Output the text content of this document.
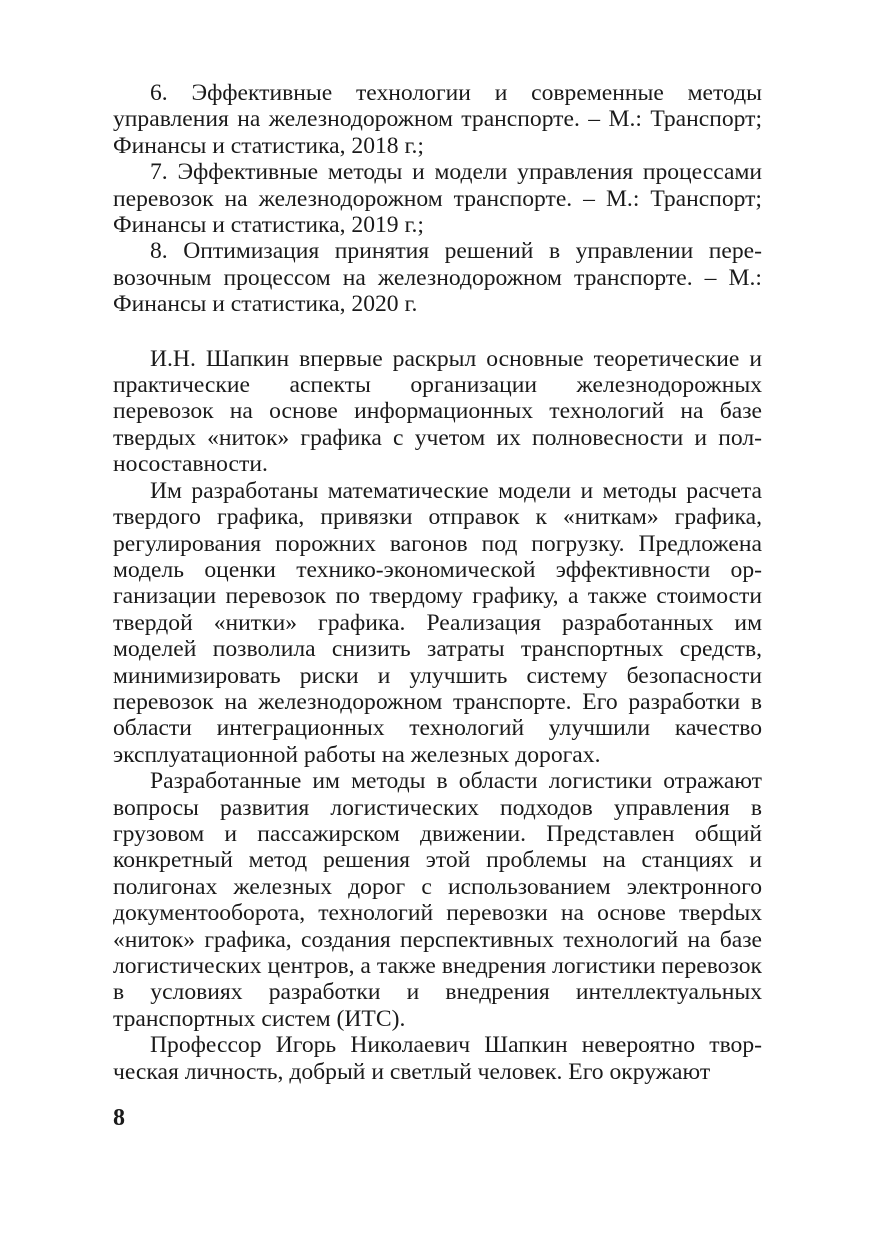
6. Эффективные технологии и современные методы управления на железнодорожном транспорте. – М.: Транспорт; Финансы и статистика, 2018 г.;

7. Эффективные методы и модели управления процессами перевозок на железнодорожном транспорте. – М.: Транспорт; Финансы и статистика, 2019 г.;

8. Оптимизация принятия решений в управлении перевозочным процессом на железнодорожном транспорте. – М.: Финансы и статистика, 2020 г.

И.Н. Шапкин впервые раскрыл основные теоретические и практические аспекты организации железнодорожных перевозок на основе информационных технологий на базе твердых «ниток» графика с учетом их полновесности и полносоставности.

Им разработаны математические модели и методы расчета твердого графика, привязки отправок к «ниткам» графика, регулирования порожних вагонов под погрузку. Предложена модель оценки технико-экономической эффективности организации перевозок по твердому графику, а также стоимости твердой «нитки» графика. Реализация разработанных им моделей позволила снизить затраты транспортных средств, минимизировать риски и улучшить систему безопасности перевозок на железнодорожном транспорте. Его разработки в области интеграционных технологий улучшили качество эксплуатационной работы на железных дорогах.

Разработанные им методы в области логистики отражают вопросы развития логистических подходов управления в грузовом и пассажирском движении. Представлен общий конкретный метод решения этой проблемы на станциях и полигонах железных дорог с использованием электронного документооборота, технологий перевозки на основе тверdых «ниток» графика, создания перспективных технологий на базе логистических центров, а также внедрения логистики перевозок в условиях разработки и внедрения интеллектуальных транспортных систем (ИТС).

Профессор Игорь Николаевич Шапкин невероятно творческая личность, добрый и светлый человек. Его окружают

8
